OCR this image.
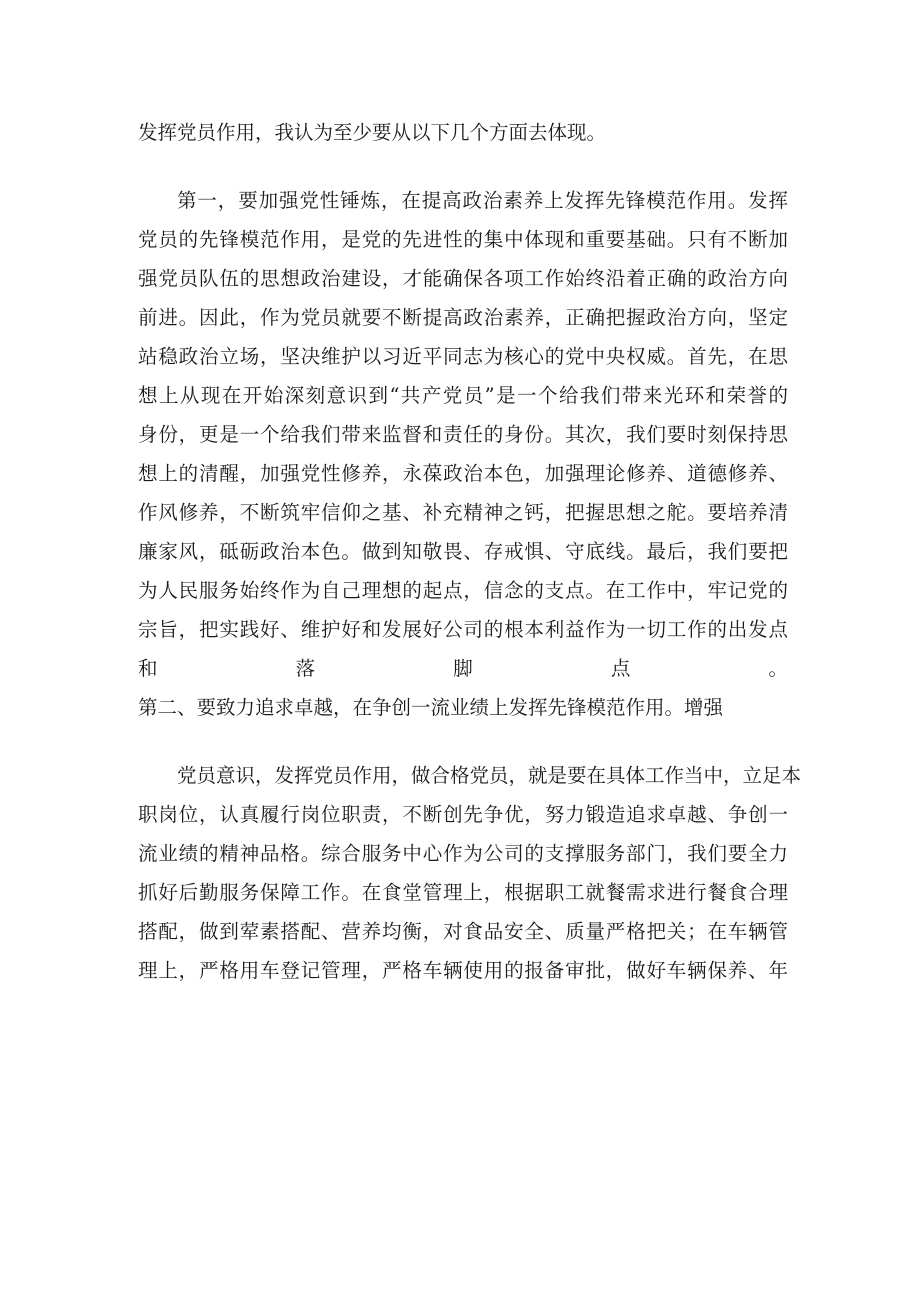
发挥党员作用，我认为至少要从以下几个方面去体现。

第一，要加强党性锤炼，在提高政治素养上发挥先锋模范作用。发挥

党员的先锋模范作用，是党的先进性的集中体现和重要基础。只有不断加

强党员队伍的思想政治建设，才能确保各项工作始终沿着正确的政治方向

前进。因此，作为党员就要不断提高政治素养，正确把握政治方向，坚定

站稳政治立场，坚决维护以习近平同志为核心的党中央权威。首先，在思

想上从现在开始深刻意识到“共产党员”是一个给我们带来光环和荣誉的

身份，更是一个给我们带来监督和责任的身份。其次，我们要时刻保持思

想上的清醒，加强党性修养，永葆政治本色，加强理论修养、道德修养、

作风修养，不断筑牢信仰之基、补充精神之钙，把握思想之舵。要培养清

廉家风，砥砺政治本色。做到知敬畏、存戒惧、守底线。最后，我们要把

为人民服务始终作为自己理想的起点，信念的支点。在工作中，牢记党的

宗旨，把实践好、维护好和发展好公司的根本利益作为一切工作的出发点

和落脚点。

第二、要致力追求卓越，在争创一流业绩上发挥先锋模范作用。增强

党员意识，发挥党员作用，做合格党员，就是要在具体工作当中，立足本

职岗位，认真履行岗位职责，不断创先争优，努力锻造追求卓越、争创一

流业绩的精神品格。综合服务中心作为公司的支撑服务部门，我们要全力

抓好后勤服务保障工作。在食堂管理上，根据职工就餐需求进行餐食合理

搭配，做到荤素搭配、营养均衡，对食品安全、质量严格把关；在车辆管

理上，严格用车登记管理，严格车辆使用的报备审批，做好车辆保养、年
